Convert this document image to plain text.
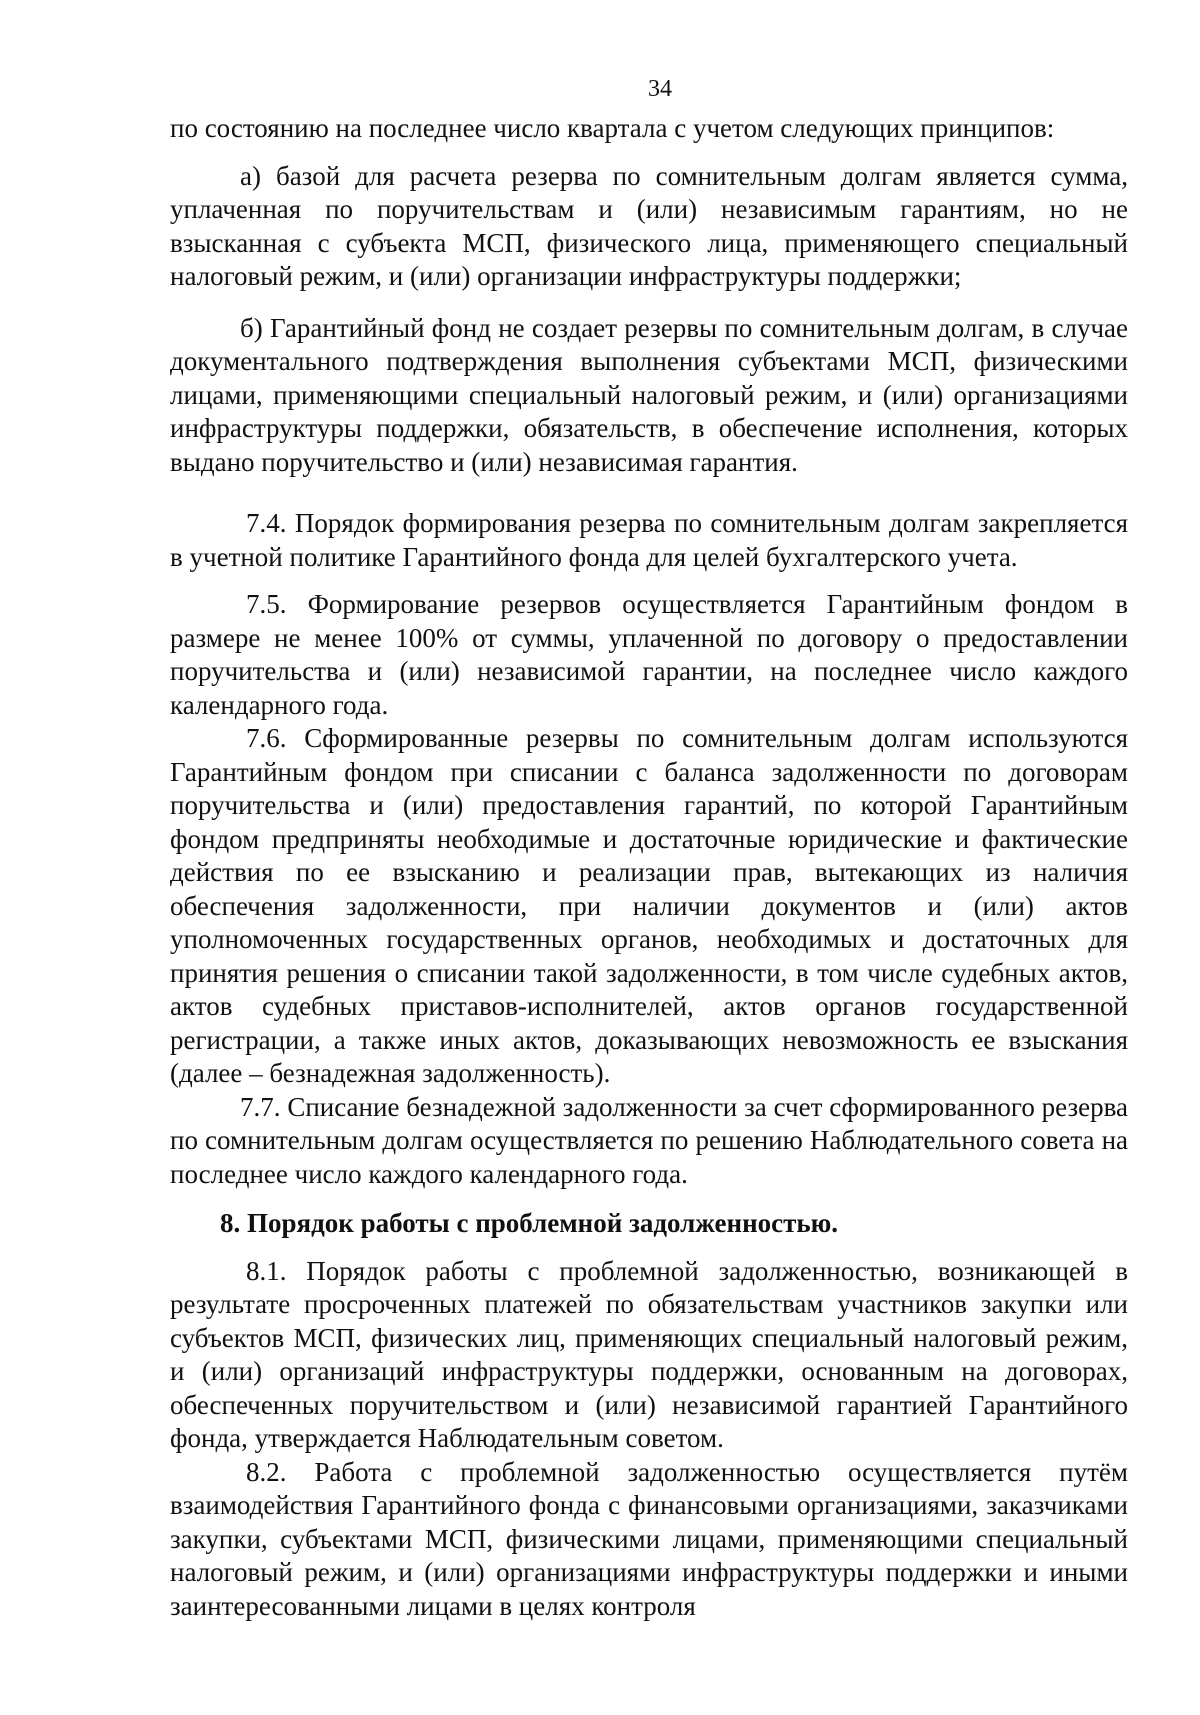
34

по состоянию на последнее число квартала с учетом следующих принципов:

а) базой для расчета резерва по сомнительным долгам является сумма, уплаченная по поручительствам и (или) независимым гарантиям, но не взысканная с субъекта МСП, физического лица, применяющего специальный налоговый режим, и (или) организации инфраструктуры поддержки;

б) Гарантийный фонд не создает резервы по сомнительным долгам, в случае документального подтверждения выполнения субъектами МСП, физическими лицами, применяющими специальный налоговый режим, и (или) организациями инфраструктуры поддержки, обязательств, в обеспечение исполнения, которых выдано поручительство и (или) независимая гарантия.

7.4. Порядок формирования резерва по сомнительным долгам закрепляется в учетной политике Гарантийного фонда для целей бухгалтерского учета.

7.5. Формирование резервов осуществляется Гарантийным фондом в размере не менее 100% от суммы, уплаченной по договору о предоставлении поручительства и (или) независимой гарантии, на последнее число каждого календарного года.

7.6. Сформированные резервы по сомнительным долгам используются Гарантийным фондом при списании с баланса задолженности по договорам поручительства и (или) предоставления гарантий, по которой Гарантийным фондом предприняты необходимые и достаточные юридические и фактические действия по ее взысканию и реализации прав, вытекающих из наличия обеспечения задолженности, при наличии документов и (или) актов уполномоченных государственных органов, необходимых и достаточных для принятия решения о списании такой задолженности, в том числе судебных актов, актов судебных приставов-исполнителей, актов органов государственной регистрации, а также иных актов, доказывающих невозможность ее взыскания (далее – безнадежная задолженность).

7.7. Списание безнадежной задолженности за счет сформированного резерва по сомнительным долгам осуществляется по решению Наблюдательного совета на последнее число каждого календарного года.

8. Порядок работы с проблемной задолженностью.

8.1. Порядок работы с проблемной задолженностью, возникающей в результате просроченных платежей по обязательствам участников закупки или субъектов МСП, физических лиц, применяющих специальный налоговый режим, и (или) организаций инфраструктуры поддержки, основанным на договорах, обеспеченных поручительством и (или) независимой гарантией Гарантийного фонда, утверждается Наблюдательным советом.

8.2. Работа с проблемной задолженностью осуществляется путём взаимодействия Гарантийного фонда с финансовыми организациями, заказчиками закупки, субъектами МСП, физическими лицами, применяющими специальный налоговый режим, и (или) организациями инфраструктуры поддержки и иными заинтересованными лицами в целях контроля
